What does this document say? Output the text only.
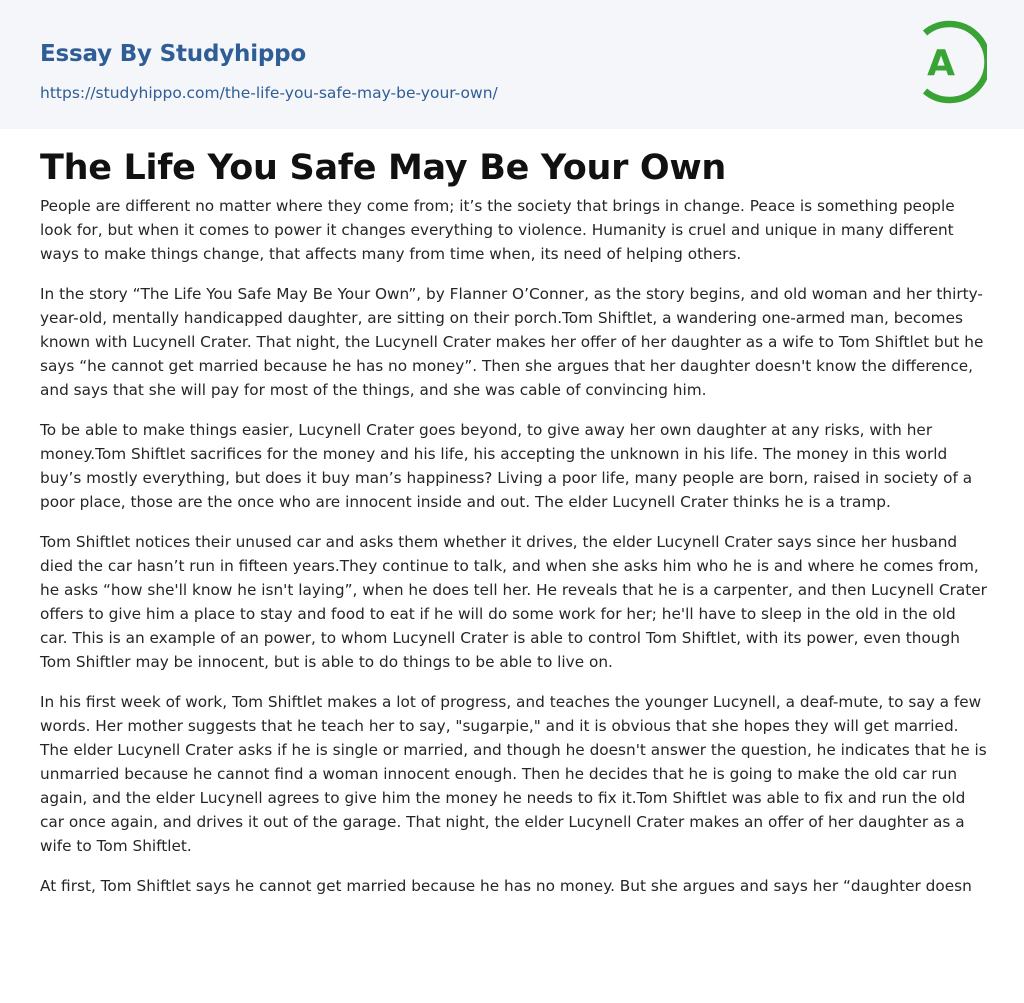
Essay By Studyhippo
https://studyhippo.com/the-life-you-safe-may-be-your-own/
A
The Life You Safe May Be Your Own

People are different no matter where they come from; it’s the society that brings in change. Peace is something people look for, but when it comes to power it changes everything to violence. Humanity is cruel and unique in many different ways to make things change, that affects many from time when, its need of helping others.

In the story “The Life You Safe May Be Your Own”, by Flanner O’Conner, as the story begins, and old woman and her thirty-year-old, mentally handicapped daughter, are sitting on their porch.Tom Shiftlet, a wandering one-armed man, becomes known with Lucynell Crater. That night, the Lucynell Crater makes her offer of her daughter as a wife to Tom Shiftlet but he says “he cannot get married because he has no money”. Then she argues that her daughter doesn't know the difference, and says that she will pay for most of the things, and she was cable of convincing him.

To be able to make things easier, Lucynell Crater goes beyond, to give away her own daughter at any risks, with her money.Tom Shiftlet sacrifices for the money and his life, his accepting the unknown in his life. The money in this world buy’s mostly everything, but does it buy man’s happiness? Living a poor life, many people are born, raised in society of a poor place, those are the once who are innocent inside and out. The elder Lucynell Crater thinks he is a tramp.

Tom Shiftlet notices their unused car and asks them whether it drives, the elder Lucynell Crater says since her husband died the car hasn’t run in fifteen years.They continue to talk, and when she asks him who he is and where he comes from, he asks “how she'll know he isn't laying”, when he does tell her. He reveals that he is a carpenter, and then Lucynell Crater offers to give him a place to stay and food to eat if he will do some work for her; he'll have to sleep in the old in the old car. This is an example of an power, to whom Lucynell Crater is able to control Tom Shiftlet, with its power, even though Tom Shiftler may be innocent, but is able to do things to be able to live on.

In his first week of work, Tom Shiftlet makes a lot of progress, and teaches the younger Lucynell, a deaf-mute, to say a few words. Her mother suggests that he teach her to say, "sugarpie," and it is obvious that she hopes they will get married. The elder Lucynell Crater asks if he is single or married, and though he doesn't answer the question, he indicates that he is unmarried because he cannot find a woman innocent enough. Then he decides that he is going to make the old car run again, and the elder Lucynell agrees to give him the money he needs to fix it.Tom Shiftlet was able to fix and run the old car once again, and drives it out of the garage. That night, the elder Lucynell Crater makes an offer of her daughter as a wife to Tom Shiftlet.

At first, Tom Shiftlet says he cannot get married because he has no money. But she argues and says her “daughter doesn
